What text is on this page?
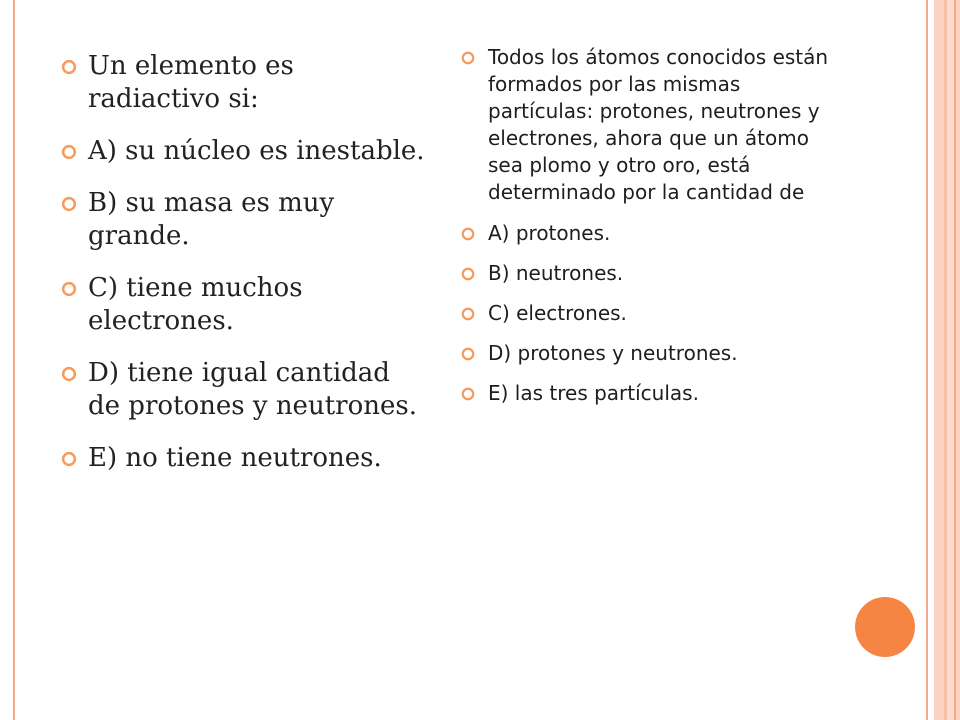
Un elemento es radiactivo si:
A) su núcleo es inestable.
B) su masa es muy grande.
C) tiene muchos electrones.
D) tiene igual cantidad de protones y neutrones.
E) no tiene neutrones.
Todos los átomos conocidos están formados por las mismas partículas: protones, neutrones y electrones, ahora que un átomo sea plomo y otro oro, está determinado por la cantidad de
A) protones.
B) neutrones.
C) electrones.
D) protones y neutrones.
E) las tres partículas.
